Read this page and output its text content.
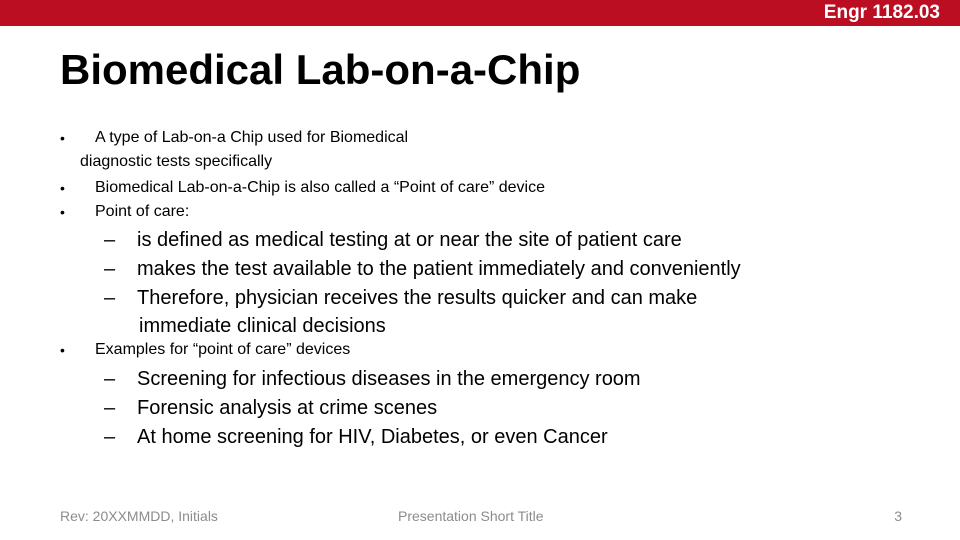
Engr 1182.03
Biomedical Lab-on-a-Chip
• A type of Lab-on-a Chip used for Biomedical
diagnostic tests specifically
• Biomedical Lab-on-a-Chip is also called a “Point of care” device
• Point of care:
– is defined as medical testing at or near the site of patient care
– makes the test available to the patient immediately and conveniently
– Therefore, physician receives the results quicker and can make
immediate clinical decisions
• Examples for “point of care” devices
– Screening for infectious diseases in the emergency room
– Forensic analysis at crime scenes
– At home screening for HIV, Diabetes, or even Cancer
Rev: 20XXMMDD, Initials	Presentation Short Title	3
